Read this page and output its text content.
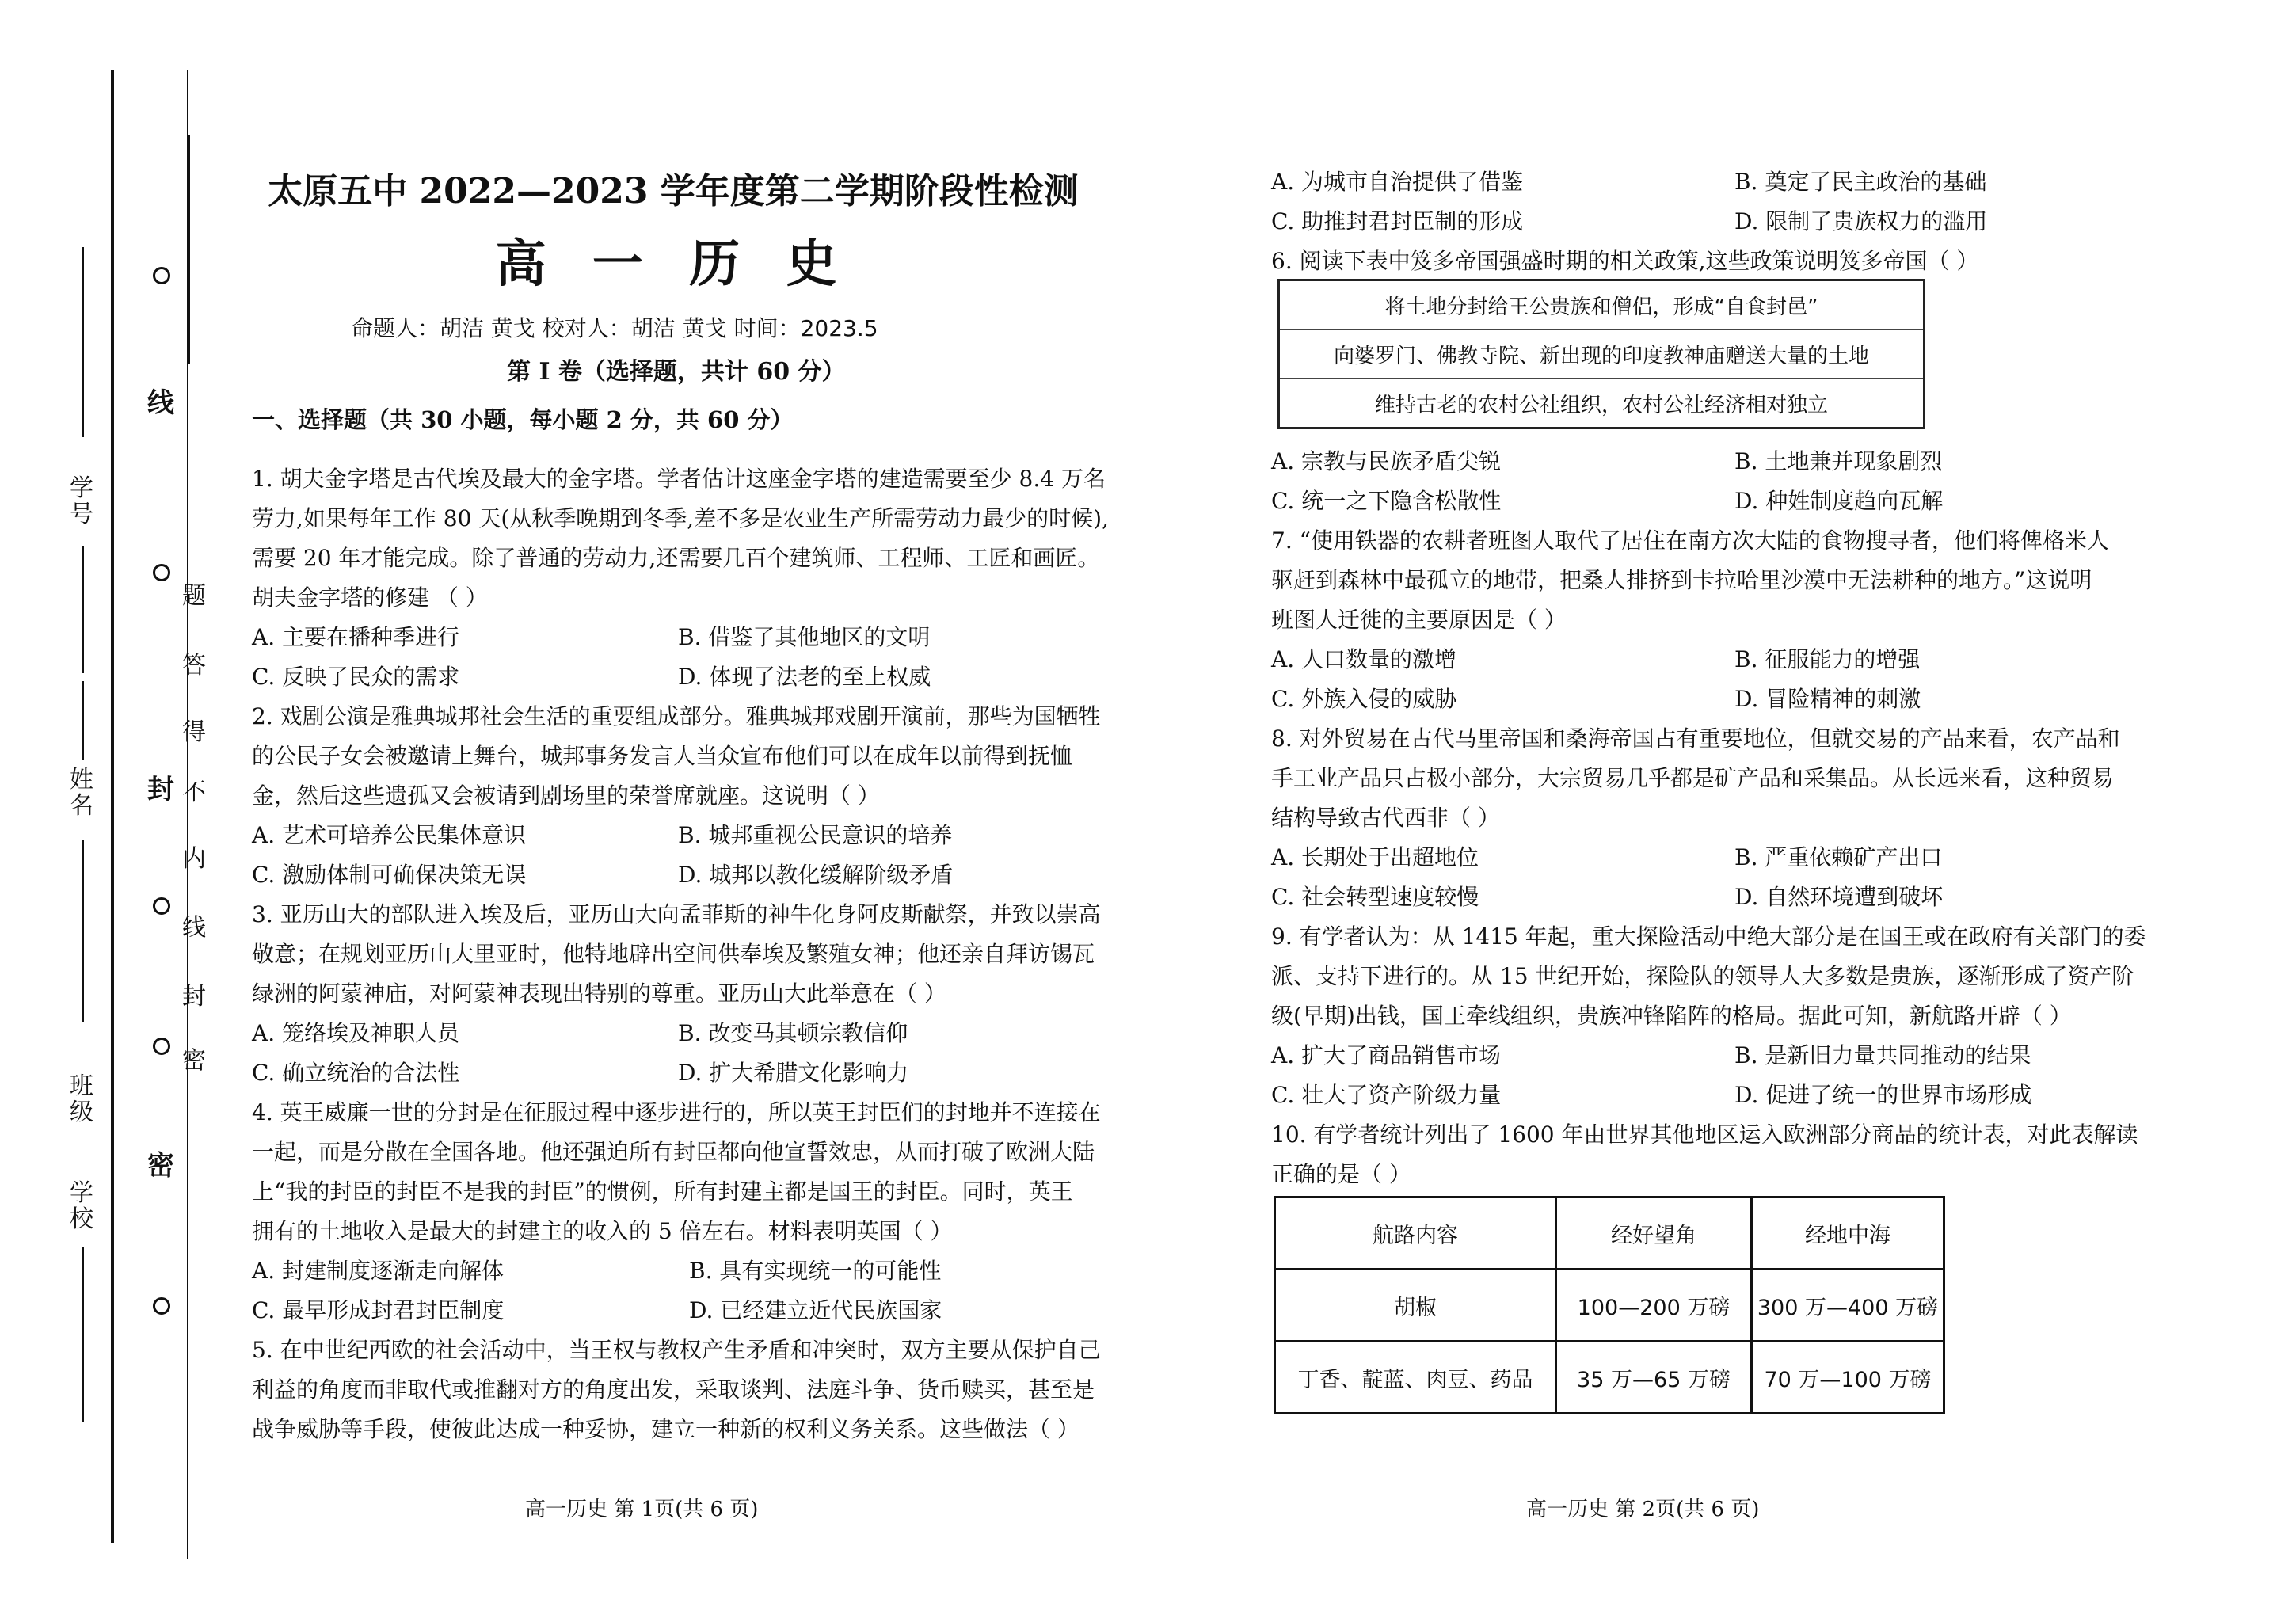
线
封
密
题
答
得
不
内
线
封
密
学号
姓名
班级
学校
太原五中 2022—2023 学年度第二学期阶段性检测
高 一 历 史
命题人：胡洁 黄戈 校对人：胡洁 黄戈 时间：2023.5
第 I 卷（选择题，共计 60 分）
一、选择题（共 30 小题，每小题 2 分，共 60 分）
1. 胡夫金字塔是古代埃及最大的金字塔。学者估计这座金字塔的建造需要至少 8.4 万名
劳力,如果每年工作 80 天(从秋季晚期到冬季,差不多是农业生产所需劳动力最少的时候),
需要 20 年才能完成。除了普通的劳动力,还需要几百个建筑师、工程师、工匠和画匠。
胡夫金字塔的修建 （ ）
A. 主要在播种季进行	B. 借鉴了其他地区的文明
C. 反映了民众的需求	D. 体现了法老的至上权威
2. 戏剧公演是雅典城邦社会生活的重要组成部分。雅典城邦戏剧开演前，那些为国牺牲
的公民子女会被邀请上舞台，城邦事务发言人当众宣布他们可以在成年以前得到抚恤
金，然后这些遗孤又会被请到剧场里的荣誉席就座。这说明（ ）
A. 艺术可培养公民集体意识	B. 城邦重视公民意识的培养
C. 激励体制可确保决策无误	D. 城邦以教化缓解阶级矛盾
3. 亚历山大的部队进入埃及后，亚历山大向孟菲斯的神牛化身阿皮斯献祭，并致以崇高
敬意；在规划亚历山大里亚时，他特地辟出空间供奉埃及繁殖女神；他还亲自拜访锡瓦
绿洲的阿蒙神庙，对阿蒙神表现出特别的尊重。亚历山大此举意在（ ）
A. 笼络埃及神职人员	B. 改变马其顿宗教信仰
C. 确立统治的合法性	D. 扩大希腊文化影响力
4. 英王威廉一世的分封是在征服过程中逐步进行的，所以英王封臣们的封地并不连接在
一起，而是分散在全国各地。他还强迫所有封臣都向他宣誓效忠，从而打破了欧洲大陆
上“我的封臣的封臣不是我的封臣”的惯例，所有封建主都是国王的封臣。同时，英王
拥有的土地收入是最大的封建主的收入的 5 倍左右。材料表明英国（ ）
A. 封建制度逐渐走向解体	B. 具有实现统一的可能性
C. 最早形成封君封臣制度	D. 已经建立近代民族国家
5. 在中世纪西欧的社会活动中，当王权与教权产生矛盾和冲突时，双方主要从保护自己
利益的角度而非取代或推翻对方的角度出发，采取谈判、法庭斗争、货币赎买，甚至是
战争威胁等手段，使彼此达成一种妥协，建立一种新的权利义务关系。这些做法（ ）
高一历史 第 1页(共 6 页)
A. 为城市自治提供了借鉴	B. 奠定了民主政治的基础
C. 助推封君封臣制的形成	D. 限制了贵族权力的滥用
6. 阅读下表中笈多帝国强盛时期的相关政策,这些政策说明笈多帝国（ ）
将土地分封给王公贵族和僧侣，形成“自食封邑”
向婆罗门、佛教寺院、新出现的印度教神庙赠送大量的土地
维持古老的农村公社组织，农村公社经济相对独立
A. 宗教与民族矛盾尖锐	B. 土地兼并现象剧烈
C. 统一之下隐含松散性	D. 种姓制度趋向瓦解
7. “使用铁器的农耕者班图人取代了居住在南方次大陆的食物搜寻者，他们将俾格米人
驱赶到森林中最孤立的地带，把桑人排挤到卡拉哈里沙漠中无法耕种的地方。”这说明
班图人迁徙的主要原因是（ ）
A. 人口数量的激增	B. 征服能力的增强
C. 外族入侵的威胁	D. 冒险精神的刺激
8. 对外贸易在古代马里帝国和桑海帝国占有重要地位，但就交易的产品来看，农产品和
手工业产品只占极小部分，大宗贸易几乎都是矿产品和采集品。从长远来看，这种贸易
结构导致古代西非（ ）
A. 长期处于出超地位	B. 严重依赖矿产出口
C. 社会转型速度较慢	D. 自然环境遭到破坏
9. 有学者认为：从 1415 年起，重大探险活动中绝大部分是在国王或在政府有关部门的委
派、支持下进行的。从 15 世纪开始，探险队的领导人大多数是贵族，逐渐形成了资产阶
级(早期)出钱，国王牵线组织，贵族冲锋陷阵的格局。据此可知，新航路开辟（ ）
A. 扩大了商品销售市场	B. 是新旧力量共同推动的结果
C. 壮大了资产阶级力量	D. 促进了统一的世界市场形成
10. 有学者统计列出了 1600 年由世界其他地区运入欧洲部分商品的统计表，对此表解读
正确的是（ ）
航路内容	经好望角	经地中海
胡椒	100—200 万磅	300 万—400 万磅
丁香、靛蓝、肉豆、药品	35 万—65 万磅	70 万—100 万磅
高一历史 第 2页(共 6 页)
